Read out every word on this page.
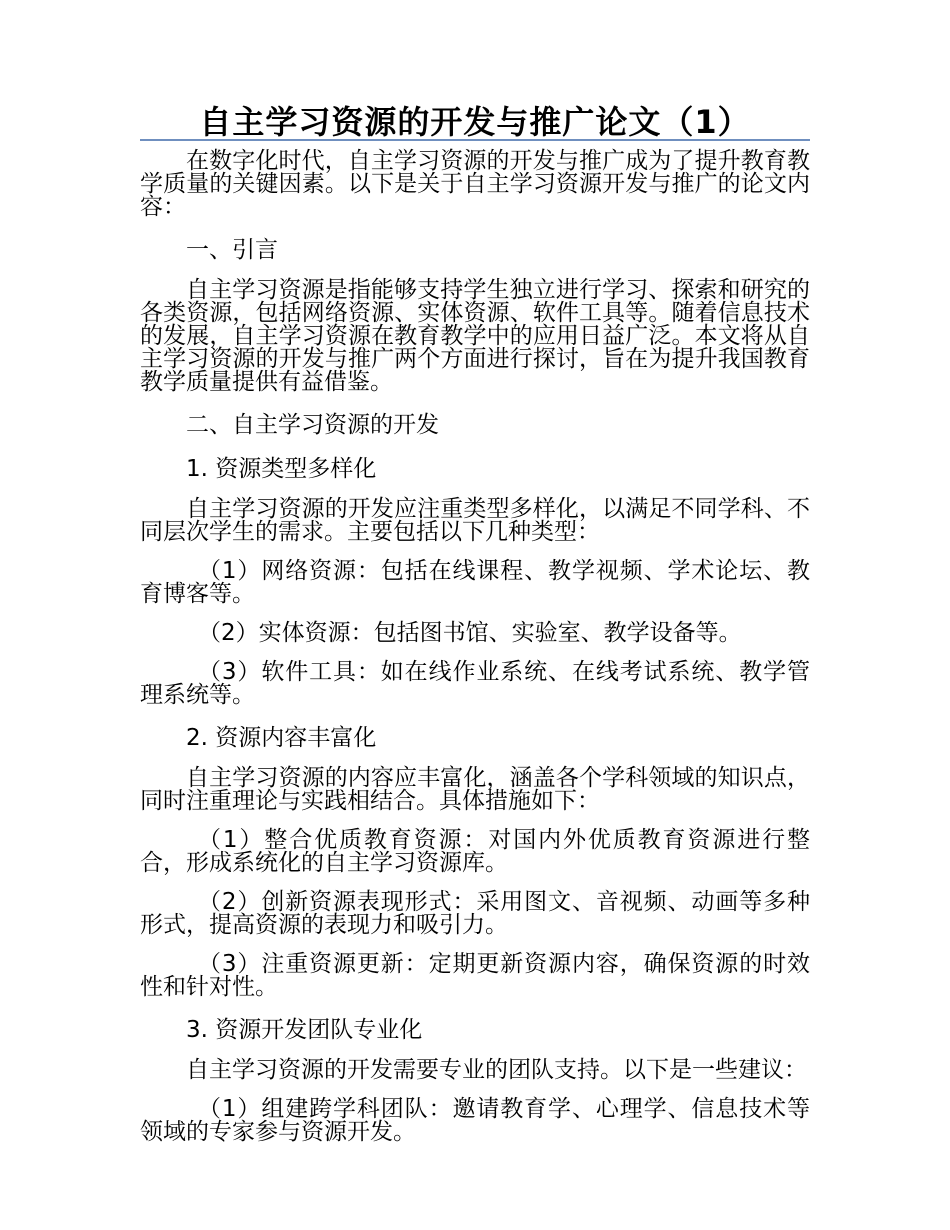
自主学习资源的开发与推广论文（1）

在数字化时代，自主学习资源的开发与推广成为了提升教育教学质量的关键因素。以下是关于自主学习资源开发与推广的论文内容：

一、引言

自主学习资源是指能够支持学生独立进行学习、探索和研究的各类资源，包括网络资源、实体资源、软件工具等。随着信息技术的发展，自主学习资源在教育教学中的应用日益广泛。本文将从自主学习资源的开发与推广两个方面进行探讨，旨在为提升我国教育教学质量提供有益借鉴。

二、自主学习资源的开发

1. 资源类型多样化

自主学习资源的开发应注重类型多样化，以满足不同学科、不同层次学生的需求。主要包括以下几种类型：

（1）网络资源：包括在线课程、教学视频、学术论坛、教育博客等。

（2）实体资源：包括图书馆、实验室、教学设备等。

（3）软件工具：如在线作业系统、在线考试系统、教学管理系统等。

2. 资源内容丰富化

自主学习资源的内容应丰富化，涵盖各个学科领域的知识点，同时注重理论与实践相结合。具体措施如下：

（1）整合优质教育资源：对国内外优质教育资源进行整合，形成系统化的自主学习资源库。

（2）创新资源表现形式：采用图文、音视频、动画等多种形式，提高资源的表现力和吸引力。

（3）注重资源更新：定期更新资源内容，确保资源的时效性和针对性。

3. 资源开发团队专业化

自主学习资源的开发需要专业的团队支持。以下是一些建议：

（1）组建跨学科团队：邀请教育学、心理学、信息技术等领域的专家参与资源开发。
